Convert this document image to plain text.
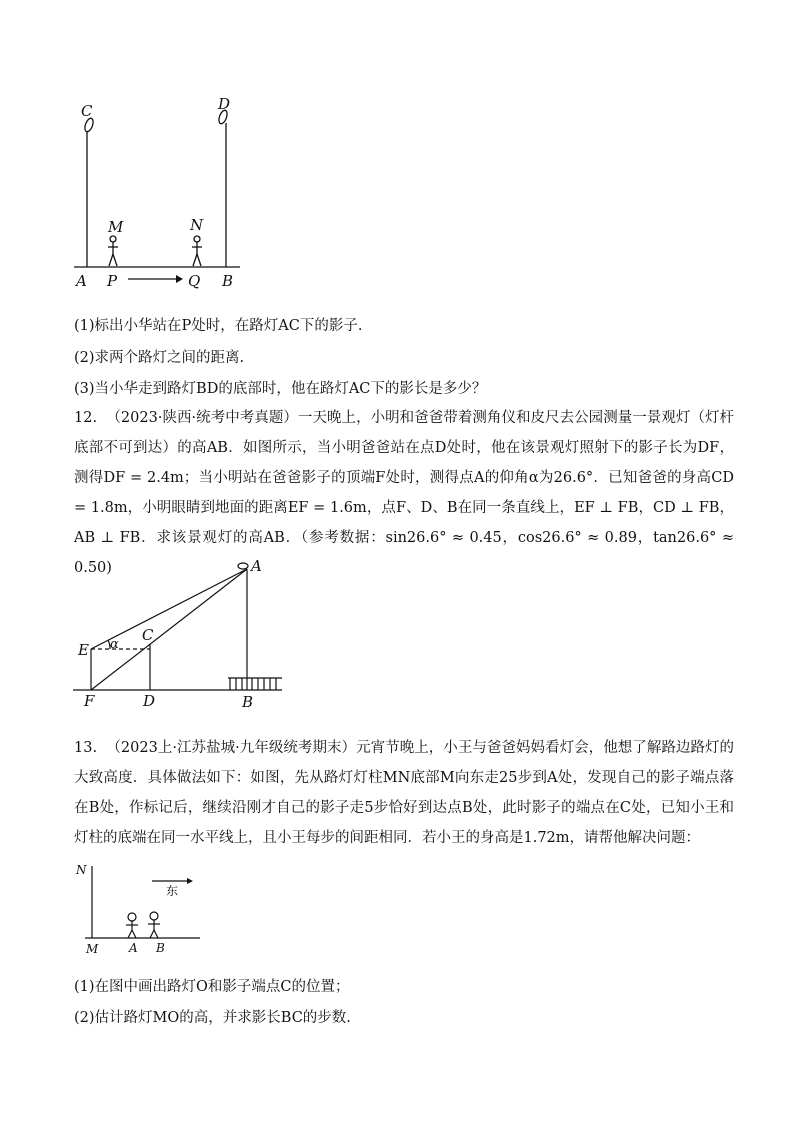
C	D
M	N
A P	Q B
(1)标出小华站在P处时，在路灯AC下的影子.
(2)求两个路灯之间的距离.
(3)当小华走到路灯BD的底部时，他在路灯AC下的影长是多少？
12. （2023·陕西·统考中考真题）一天晚上，小明和爸爸带着测角仪和皮尺去公园测量一景观灯（灯杆底部不可到达）的高AB．如图所示，当小明爸爸站在点D处时，他在该景观灯照射下的影子长为DF，测得DF = 2.4m；当小明站在爸爸影子的顶端F处时，测得点A的仰角α为26.6°．已知爸爸的身高CD = 1.8m，小明眼睛到地面的距离EF = 1.6m，点F、D、B在同一条直线上，EF ⊥ FB，CD ⊥ FB，AB ⊥ FB．求该景观灯的高AB．（参考数据：sin26.6° ≈ 0.45，cos26.6° ≈ 0.89，tan26.6° ≈ 0.50)	A
C
E α
F	D	B
13. （2023上·江苏盐城·九年级统考期末）元宵节晚上，小王与爸爸妈妈看灯会，他想了解路边路灯的大致高度．具体做法如下：如图，先从路灯灯柱MN底部M向东走25步到A处，发现自己的影子端点落在B处，作标记后，继续沿刚才自己的影子走5步恰好到达点B处，此时影子的端点在C处，已知小王和灯柱的底端在同一水平线上，且小王每步的间距相同．若小王的身高是1.72m，请帮他解决问题：
N
东
M	A B
(1)在图中画出路灯O和影子端点C的位置；
(2)估计路灯MO的高，并求影长BC的步数.
